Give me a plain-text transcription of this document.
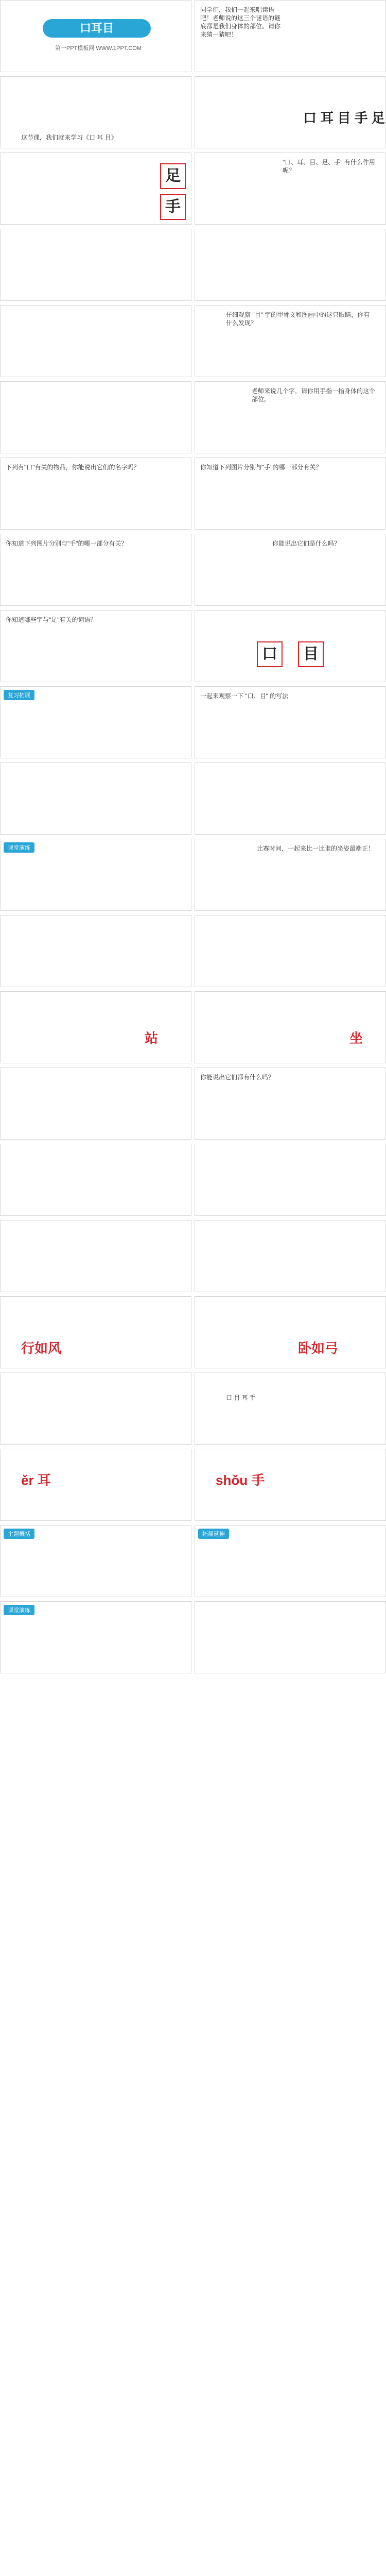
口耳目
第一PPT模板网 WWW.1PPT.COM
同学们，我们一起来唱读语吧！老师说的这三个谜语的谜底都是我们身体的部位。请你来猜一猜吧！
这节课，我们就来学习《口 耳 目》
口 耳 目 手 足
足
手
"口、耳、目、足、手" 有什么作用呢？
仔细观察 "目" 字的甲骨文和图画中的这只眼睛，你有什么发现？
老师来说几个字，请你用手指一指身体的这个部位。
下列有"口"有关的物品，你能说出它们的名字吗？	你知道下列图片分别与"手"的哪一部分有关？
你知道下列图片分别与"手"的哪一部分有关？	你能说出它们是什么吗？
你知道哪些字与"足"有关的词语？
口	目
复习拓展	一起来观察一下 "口、目" 的写法
课堂演练	比赛时间，一起来比一比谁的坐姿最端正！
站	坐
你能说出它们都有什么吗？
行如风	卧如弓
口 目 耳 手
ěr 耳	shǒu 手
主题概括	拓展延伸
课堂演练
